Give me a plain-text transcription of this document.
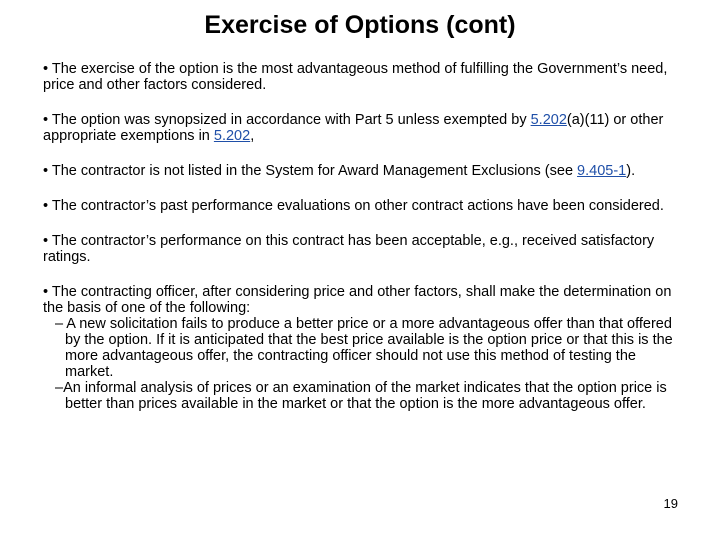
Exercise of Options (cont)
• The exercise of the option is the most advantageous method of fulfilling the Government’s need, price and other factors considered.
• The option was synopsized in accordance with Part 5 unless exempted by 5.202(a)(11) or other appropriate exemptions in 5.202,
• The contractor is not listed in the System for Award Management Exclusions (see 9.405-1).
• The contractor’s past performance evaluations on other contract actions have been considered.
• The contractor’s performance on this contract has been acceptable, e.g., received satisfactory ratings.
• The contracting officer, after considering price and other factors, shall make the determination on the basis of one of the following:
– A new solicitation fails to produce a better price or a more advantageous offer than that offered by the option. If it is anticipated that the best price available is the option price or that this is the more advantageous offer, the contracting officer should not use this method of testing the market.
–An informal analysis of prices or an examination of the market indicates that the option price is better than prices available in the market or that the option is the more advantageous offer.
19
